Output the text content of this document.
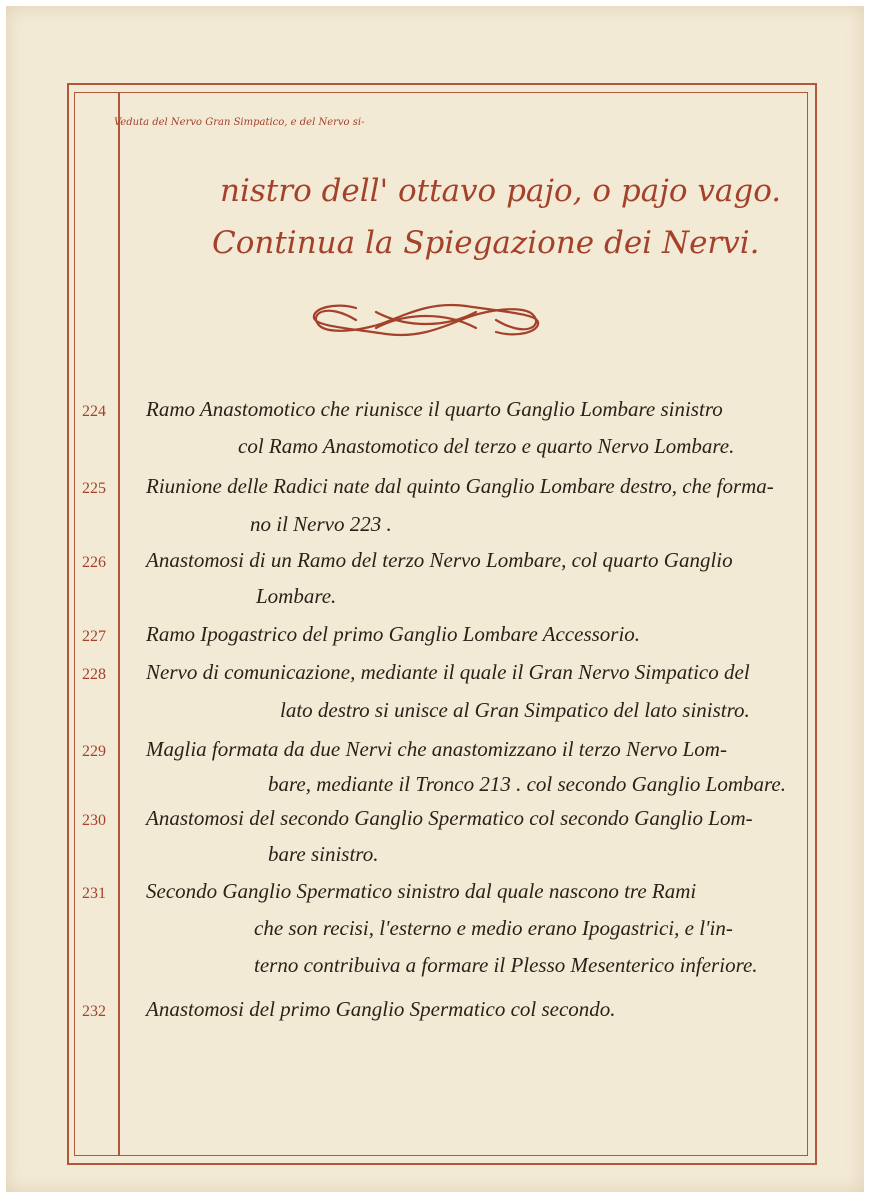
Veduta del Nervo Gran Simpatico, e del Nervo si-
nistro dell' ottavo pajo, o pajo vago.
Continua la Spiegazione dei Nervi.
224	Ramo Anastomotico che riunisce il quarto Ganglio Lombare sinistro
col Ramo Anastomotico del terzo e quarto Nervo Lombare.
225	Riunione delle Radici nate dal quinto Ganglio Lombare destro, che forma-
no il Nervo 223 .
226	Anastomosi di un Ramo del terzo Nervo Lombare, col quarto Ganglio
Lombare.
227	Ramo Ipogastrico del primo Ganglio Lombare Accessorio.
228	Nervo di comunicazione, mediante il quale il Gran Nervo Simpatico del
lato destro si unisce al Gran Simpatico del lato sinistro.
229	Maglia formata da due Nervi che anastomizzano il terzo Nervo Lom-
bare, mediante il Tronco 213 . col secondo Ganglio Lombare.
230	Anastomosi del secondo Ganglio Spermatico col secondo Ganglio Lom-
bare sinistro.
231	Secondo Ganglio Spermatico sinistro dal quale nascono tre Rami
che son recisi, l'esterno e medio erano Ipogastrici, e l'in-
terno contribuiva a formare il Plesso Mesenterico inferiore.
232	Anastomosi del primo Ganglio Spermatico col secondo.
